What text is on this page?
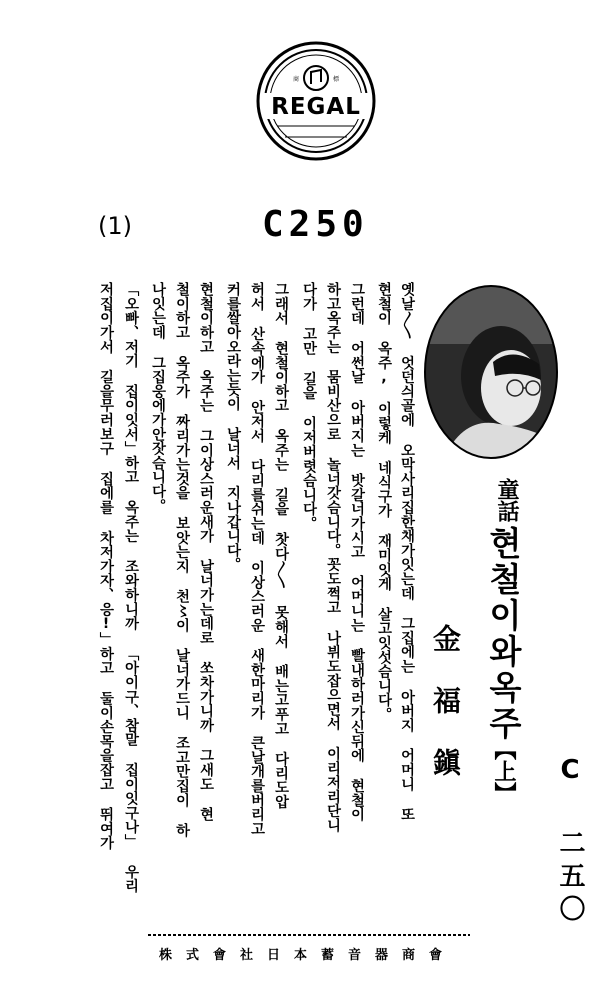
商	標
REGAL
(1)	C250
童話
현철이와옥주
【上】
金福鎭
C 二五〇
옛날〳〵 엇던싀골에 오막사리집한채가잇는데 그집에는 아버지 어머니 또
현철이 옥주, 이렇케 네식구가 재미잇게 살고잇섯슴니다。
그런데 어썬날 아버지는 밧갈너가시고 어머니는 빨내하러가신뒤에 현철이
하고옥주는 뭄비산으로 놀너갓슴니다。꼿도쩍고 나뷔도잡으면서 이리저리단니
다가 고만 길을 이저버렷슴니다。
그래서 현철이하고 옥주는 길을 찻다〳〵 못해서 배는고푸고 다리도압
허서 산속에가 안저서 다리를쉬는데 이상스러운 새한마리가 큰날개를버리고
커를쌀아오라는듯이 날너서 지나갑니다。
현철이하고 옥주는 그이상스러운새가 날너가는데로 쏘차가니까 그새도 현
철이하고 옥주가 짜리가는것을 보앗는지 천〻이 날너가드니 조고만집이 하
나잇는데 그집웅에가안잣슴니다。
「오빠、저기 집이잇서」하고 옥주는 조와하니까 「아이구、참말 집이잇구나」 우리
저집이가서 길을무러보구 집에를 차저가자、응!」하고 둘이손목을잡고 뛰여가
株式會社日本蓄音器商會
